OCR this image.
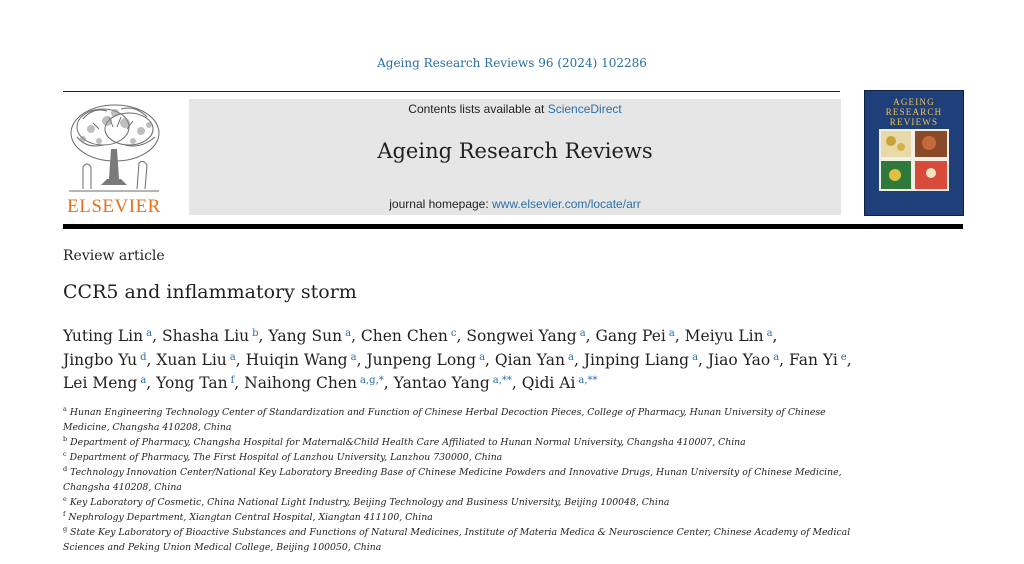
Ageing Research Reviews 96 (2024) 102286
ELSEVIER
Contents lists available at ScienceDirect
Ageing Research Reviews
journal homepage: www.elsevier.com/locate/arr
AGEING
RESEARCH
REVIEWS
Review article
CCR5 and inflammatory storm
Yuting Lin $^a$, Shasha Liu $^b$, Yang Sun $^a$, Chen Chen $^c$, Songwei Yang $^a$, Gang Pei $^a$, Meiyu Lin $^a$, Jingbo Yu $^d$, Xuan Liu $^a$, Huiqin Wang $^a$, Junpeng Long $^a$, Qian Yan $^a$, Jinping Liang $^a$, Jiao Yao $^a$, Fan Yi $^e$, Lei Meng $^a$, Yong Tan $^f$, Naihong Chen $^{a,g,*}$, Yantao Yang $^{a,**}$, Qidi Ai $^{a,**}$
$^a$ Hunan Engineering Technology Center of Standardization and Function of Chinese Herbal Decoction Pieces, College of Pharmacy, Hunan University of Chinese Medicine, Changsha 410208, China
$^b$ Department of Pharmacy, Changsha Hospital for Maternal&Child Health Care Affiliated to Hunan Normal University, Changsha 410007, China
$^c$ Department of Pharmacy, The First Hospital of Lanzhou University, Lanzhou 730000, China
$^d$ Technology Innovation Center/National Key Laboratory Breeding Base of Chinese Medicine Powders and Innovative Drugs, Hunan University of Chinese Medicine, Changsha 410208, China
$^e$ Key Laboratory of Cosmetic, China National Light Industry, Beijing Technology and Business University, Beijing 100048, China
$^f$ Nephrology Department, Xiangtan Central Hospital, Xiangtan 411100, China
$^g$ State Key Laboratory of Bioactive Substances and Functions of Natural Medicines, Institute of Materia Medica & Neuroscience Center, Chinese Academy of Medical Sciences and Peking Union Medical College, Beijing 100050, China
